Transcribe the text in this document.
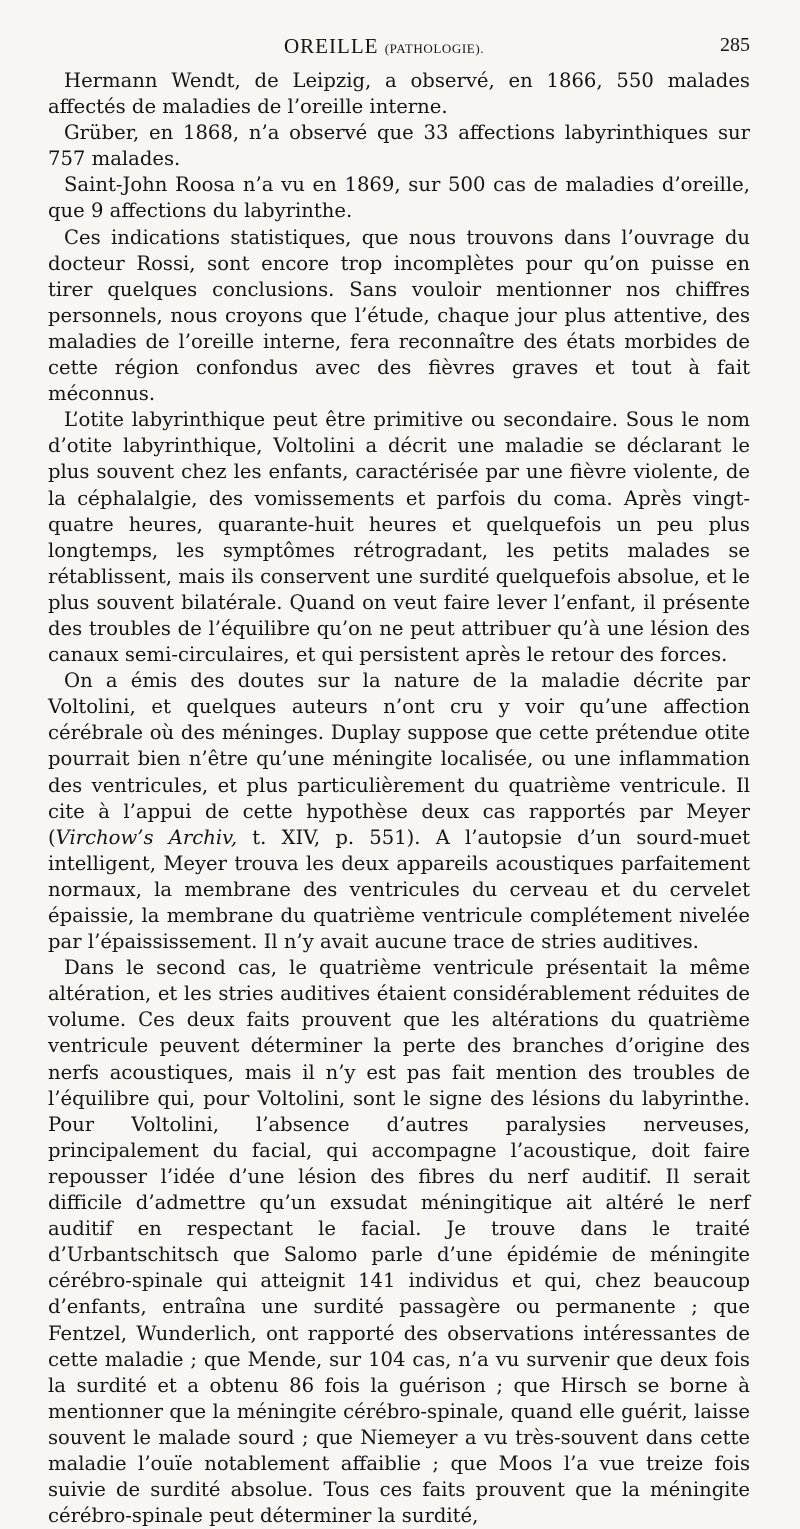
OREILLE (PATHOLOGIE).	285

Hermann Wendt, de Leipzig, a observé, en 1866, 550 malades affectés de maladies de l’oreille interne.

Grüber, en 1868, n’a observé que 33 affections labyrinthiques sur 757 malades.

Saint-John Roosa n’a vu en 1869, sur 500 cas de maladies d’oreille, que 9 affections du labyrinthe.

Ces indications statistiques, que nous trouvons dans l’ouvrage du docteur Rossi, sont encore trop incomplètes pour qu’on puisse en tirer quelques conclusions. Sans vouloir mentionner nos chiffres personnels, nous croyons que l’étude, chaque jour plus attentive, des maladies de l’oreille interne, fera reconnaître des états morbides de cette région confondus avec des fièvres graves et tout à fait méconnus.

L’otite labyrinthique peut être primitive ou secondaire. Sous le nom d’otite labyrinthique, Voltolini a décrit une maladie se déclarant le plus souvent chez les enfants, caractérisée par une fièvre violente, de la céphalalgie, des vomissements et parfois du coma. Après vingt-quatre heures, quarante-huit heures et quelquefois un peu plus longtemps, les symptômes rétrogradant, les petits malades se rétablissent, mais ils conservent une surdité quelquefois absolue, et le plus souvent bilatérale. Quand on veut faire lever l’enfant, il présente des troubles de l’équilibre qu’on ne peut attribuer qu’à une lésion des canaux semi-circulaires, et qui persistent après le retour des forces.

On a émis des doutes sur la nature de la maladie décrite par Voltolini, et quelques auteurs n’ont cru y voir qu’une affection cérébrale où des méninges. Duplay suppose que cette prétendue otite pourrait bien n’être qu’une méningite localisée, ou une inflammation des ventricules, et plus particulièrement du quatrième ventricule. Il cite à l’appui de cette hypothèse deux cas rapportés par Meyer (Virchow’s Archiv, t. XIV, p. 551). A l’autopsie d’un sourd-muet intelligent, Meyer trouva les deux appareils acoustiques parfaitement normaux, la membrane des ventricules du cerveau et du cervelet épaissie, la membrane du quatrième ventricule complétement nivelée par l’épaississement. Il n’y avait aucune trace de stries auditives.

Dans le second cas, le quatrième ventricule présentait la même altération, et les stries auditives étaient considérablement réduites de volume. Ces deux faits prouvent que les altérations du quatrième ventricule peuvent déterminer la perte des branches d’origine des nerfs acoustiques, mais il n’y est pas fait mention des troubles de l’équilibre qui, pour Voltolini, sont le signe des lésions du labyrinthe. Pour Voltolini, l’absence d’autres paralysies nerveuses, principalement du facial, qui accompagne l’acoustique, doit faire repousser l’idée d’une lésion des fibres du nerf auditif. Il serait difficile d’admettre qu’un exsudat méningitique ait altéré le nerf auditif en respectant le facial. Je trouve dans le traité d’Urbantschitsch que Salomo parle d’une épidémie de méningite cérébro-spinale qui atteignit 141 individus et qui, chez beaucoup d’enfants, entraîna une surdité passagère ou permanente ; que Fentzel, Wunderlich, ont rapporté des observations intéressantes de cette maladie ; que Mende, sur 104 cas, n’a vu survenir que deux fois la surdité et a obtenu 86 fois la guérison ; que Hirsch se borne à mentionner que la méningite cérébro-spinale, quand elle guérit, laisse souvent le malade sourd ; que Niemeyer a vu très-souvent dans cette maladie l’ouïe notablement affaiblie ; que Moos l’a vue treize fois suivie de surdité absolue. Tous ces faits prouvent que la méningite cérébro-spinale peut déterminer la surdité,
